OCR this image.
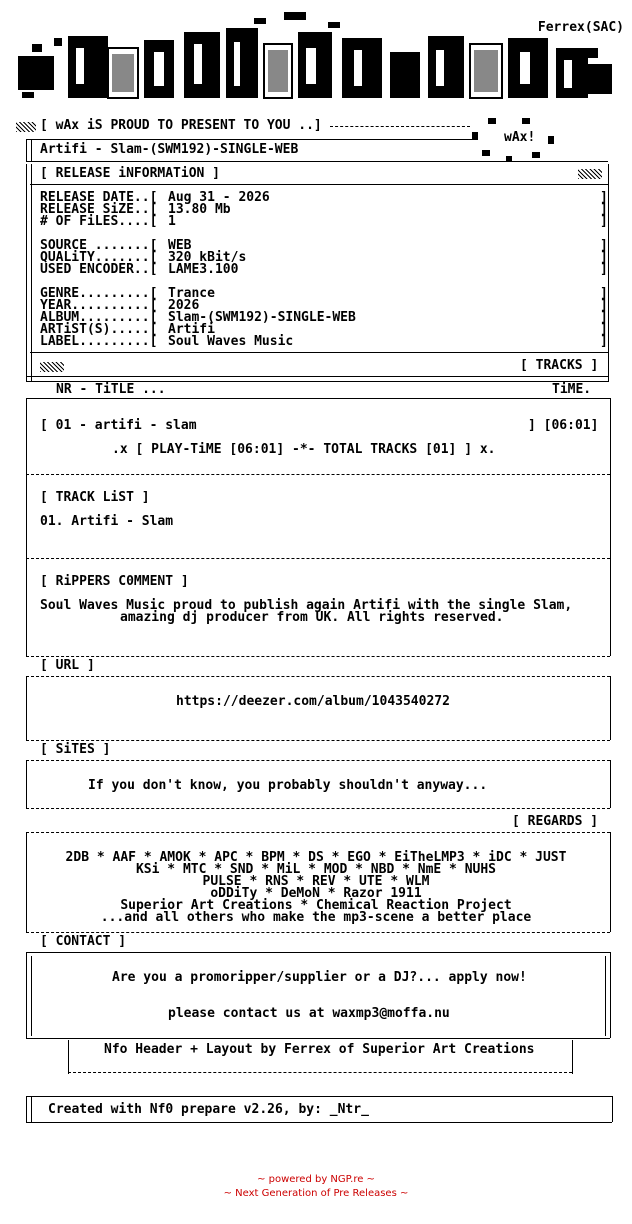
Ferrex(SAC)
wAx!
[ wAx iS PROUD TO PRESENT TO YOU ..]
Artifi - Slam-(SWM192)-SINGLE-WEB
[ RELEASE iNFORMATiON ]
RELEASE DATE..[ Aug 31 - 2026	]
RELEASE SiZE..[ 13.80 Mb	]
# OF FiLES....[ 1	]
SOURCE .......[ WEB	]
QUALiTY.......[ 320 kBit/s	]
USED ENCODER..[ LAME3.100	]
GENRE.........[ Trance	]
YEAR..........[ 2026	]
ALBUM.........[ Slam-(SWM192)-SINGLE-WEB	]
ARTiST(S).....[ Artifi	]
LABEL.........[ Soul Waves Music	]
[ TRACKS ]
NR - TiTLE ...	TiME.
[ 01 - artifi - slam	] [06:01]
.x [ PLAY-TiME [06:01] -*- TOTAL TRACKS [01] ] x.
[ TRACK LiST ]
01. Artifi - Slam
[ RiPPERS C0MMENT ]
Soul Waves Music proud to publish again Artifi with the single Slam,
amazing dj producer from UK. All rights reserved.
[ URL ]
https://deezer.com/album/1043540272
[ SiTES ]
If you don't know, you probably shouldn't anyway...
[ REGARDS ]
2DB * AAF * AMOK * APC * BPM * DS * EGO * EiTheLMP3 * iDC * JUST
KSi * MTC * SND * MiL * MOD * NBD * NmE * NUHS
PULSE * RNS * REV * UTE * WLM
oDDiTy * DeMoN * Razor 1911
Superior Art Creations * Chemical Reaction Project
...and all others who make the mp3-scene a better place
[ CONTACT ]
Are you a promoripper/supplier or a DJ?... apply now!
please contact us at waxmp3@moffa.nu
Nfo Header + Layout by Ferrex of Superior Art Creations
Created with Nf0 prepare v2.26, by: _Ntr_
~ powered by NGP.re ~
~ Next Generation of Pre Releases ~
